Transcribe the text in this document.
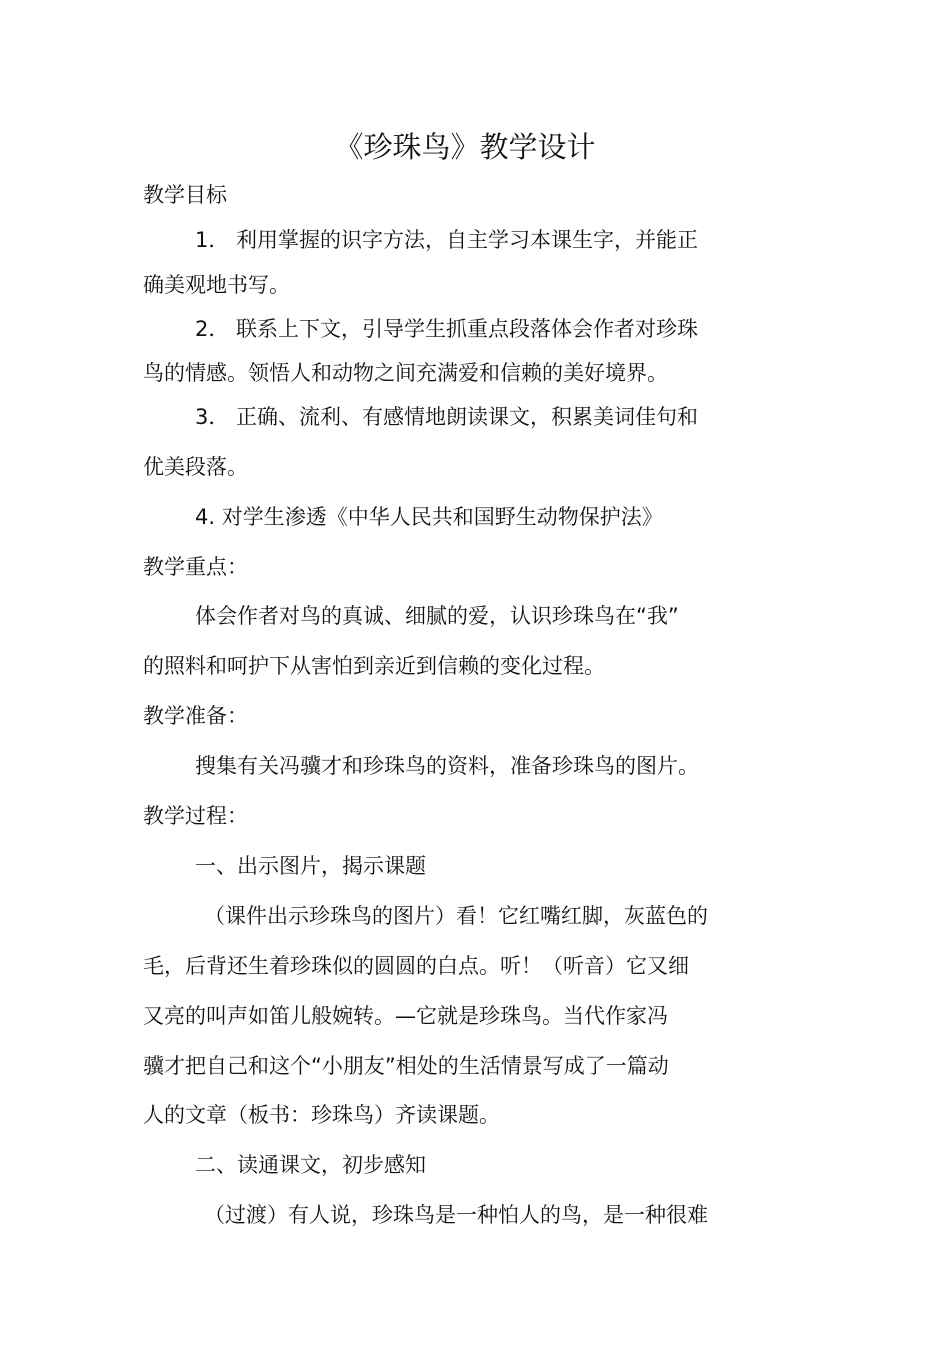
《珍珠鸟》教学设计
教学目标
1． 利用掌握的识字方法，自主学习本课生字，并能正
确美观地书写。
2． 联系上下文，引导学生抓重点段落体会作者对珍珠
鸟的情感。领悟人和动物之间充满爱和信赖的美好境界。
3． 正确、流利、有感情地朗读课文，积累美词佳句和
优美段落。
4. 对学生渗透《中华人民共和国野生动物保护法》
教学重点：
体会作者对鸟的真诚、细腻的爱，认识珍珠鸟在“我”
的照料和呵护下从害怕到亲近到信赖的变化过程。
教学准备：
搜集有关冯骥才和珍珠鸟的资料，准备珍珠鸟的图片。
教学过程：
一、出示图片，揭示课题
（课件出示珍珠鸟的图片）看！它红嘴红脚，灰蓝色的
毛，后背还生着珍珠似的圆圆的白点。听！（听音）它又细
又亮的叫声如笛儿般婉转。—它就是珍珠鸟。当代作家冯
骥才把自己和这个“小朋友”相处的生活情景写成了一篇动
人的文章（板书：珍珠鸟）齐读课题。
二、读通课文，初步感知
（过渡）有人说，珍珠鸟是一种怕人的鸟，是一种很难
